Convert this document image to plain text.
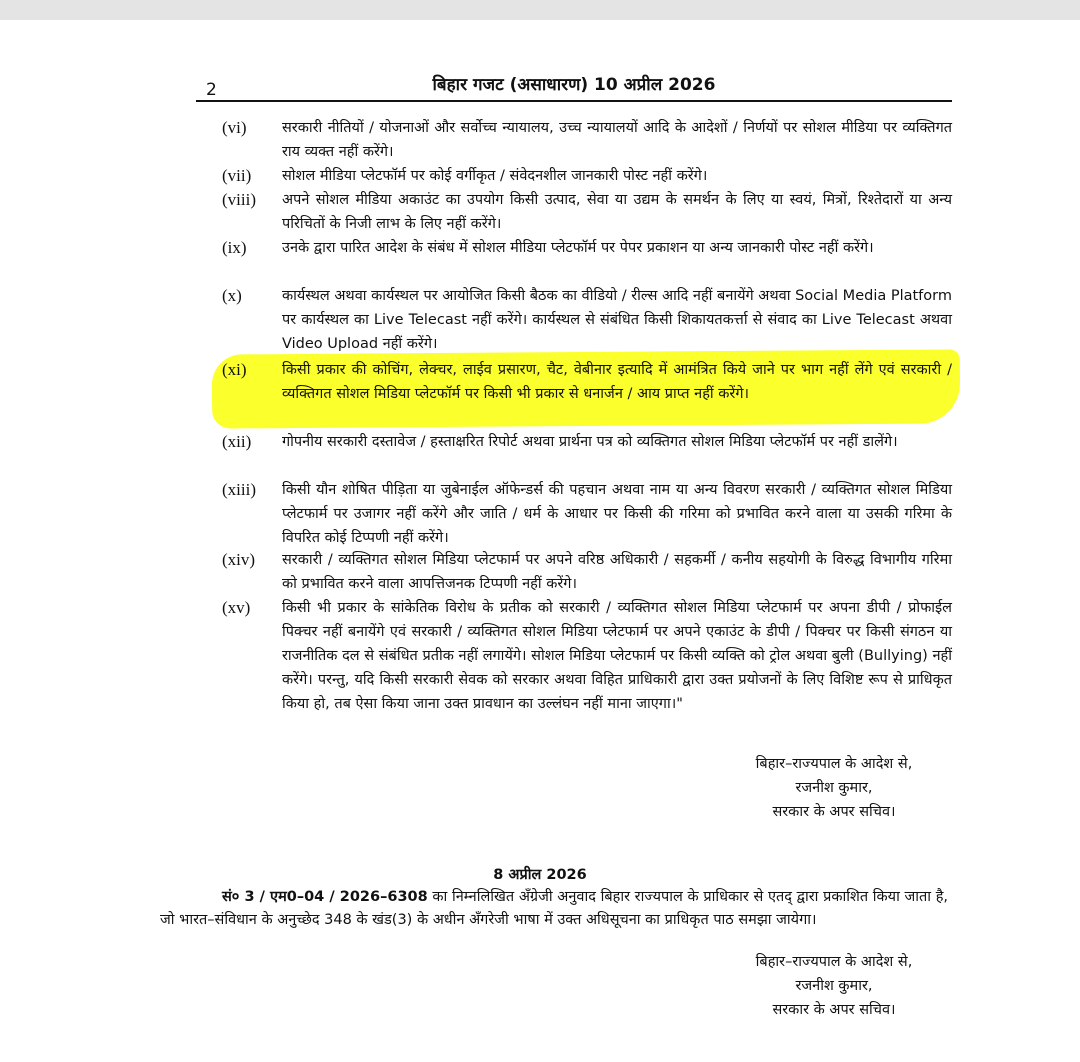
2	बिहार गजट (असाधारण) 10 अप्रील 2026
(vi) सरकारी नीतियों / योजनाओं और सर्वोच्च न्यायालय, उच्च न्यायालयों आदि के आदेशों / निर्णयों पर सोशल मीडिया पर व्यक्तिगत राय व्यक्त नहीं करेंगे।
(vii) सोशल मीडिया प्लेटफॉर्म पर कोई वर्गीकृत / संवेदनशील जानकारी पोस्ट नहीं करेंगे।
(viii) अपने सोशल मीडिया अकाउंट का उपयोग किसी उत्पाद, सेवा या उद्यम के समर्थन के लिए या स्वयं, मित्रों, रिश्तेदारों या अन्य परिचितों के निजी लाभ के लिए नहीं करेंगे।
(ix) उनके द्वारा पारित आदेश के संबंध में सोशल मीडिया प्लेटफॉर्म पर पेपर प्रकाशन या अन्य जानकारी पोस्ट नहीं करेंगे।
(x)	कार्यस्थल अथवा कार्यस्थल पर आयोजित किसी बैठक का वीडियो / रील्स आदि नहीं बनायेंगे अथवा Social Media Platform पर कार्यस्थल का Live Telecast नहीं करेंगे। कार्यस्थल से संबंधित किसी शिकायतकर्त्ता से संवाद का Live Telecast अथवा Video Upload नहीं करेंगे।
(xi) किसी प्रकार की कोचिंग, लेक्चर, लाईव प्रसारण, चैट, वेबीनार इत्यादि में आमंत्रित किये जाने पर भाग नहीं लेंगे एवं सरकारी / व्यक्तिगत सोशल मिडिया प्लेटफॉर्म पर किसी भी प्रकार से धनार्जन / आय प्राप्त नहीं करेंगे।
(xii) गोपनीय सरकारी दस्तावेज / हस्ताक्षरित रिपोर्ट अथवा प्रार्थना पत्र को व्यक्तिगत सोशल मिडिया प्लेटफॉर्म पर नहीं डालेंगे।
(xiii) किसी यौन शोषित पीड़िता या जुबेनाईल ऑफेन्डर्स की पहचान अथवा नाम या अन्य विवरण सरकारी / व्यक्तिगत सोशल मिडिया प्लेटफार्म पर उजागर नहीं करेंगे और जाति / धर्म के आधार पर किसी की गरिमा को प्रभावित करने वाला या उसकी गरिमा के विपरित कोई टिप्पणी नहीं करेंगे।
(xiv) सरकारी / व्यक्तिगत सोशल मिडिया प्लेटफार्म पर अपने वरिष्ठ अधिकारी / सहकर्मी / कनीय सहयोगी के विरुद्ध विभागीय गरिमा को प्रभावित करने वाला आपत्तिजनक टिप्पणी नहीं करेंगे।
(xv) किसी भी प्रकार के सांकेतिक विरोध के प्रतीक को सरकारी / व्यक्तिगत सोशल मिडिया प्लेटफार्म पर अपना डीपी / प्रोफाईल पिक्चर नहीं बनायेंगे एवं सरकारी / व्यक्तिगत सोशल मिडिया प्लेटफार्म पर अपने एकाउंट के डीपी / पिक्चर पर किसी संगठन या राजनीतिक दल से संबंधित प्रतीक नहीं लगायेंगे। सोशल मिडिया प्लेटफार्म पर किसी व्यक्ति को ट्रोल अथवा बुली (Bullying) नहीं करेंगे। परन्तु, यदि किसी सरकारी सेवक को सरकार अथवा विहित प्राधिकारी द्वारा उक्त प्रयोजनों के लिए विशिष्ट रूप से प्राधिकृत किया हो, तब ऐसा किया जाना उक्त प्रावधान का उल्लंघन नहीं माना जाएगा।"
बिहार–राज्यपाल के आदेश से,
रजनीश कुमार,
सरकार के अपर सचिव।
8 अप्रील 2026
सं० 3 / एम0–04 / 2026–6308 का निम्नलिखित अँग्रेजी अनुवाद बिहार राज्यपाल के प्राधिकार से एतद् द्वारा प्रकाशित किया जाता है, जो भारत–संविधान के अनुच्छेद 348 के खंड(3) के अधीन अँगरेजी भाषा में उक्त अधिसूचना का प्राधिकृत पाठ समझा जायेगा।
बिहार–राज्यपाल के आदेश से,
रजनीश कुमार,
सरकार के अपर सचिव।
